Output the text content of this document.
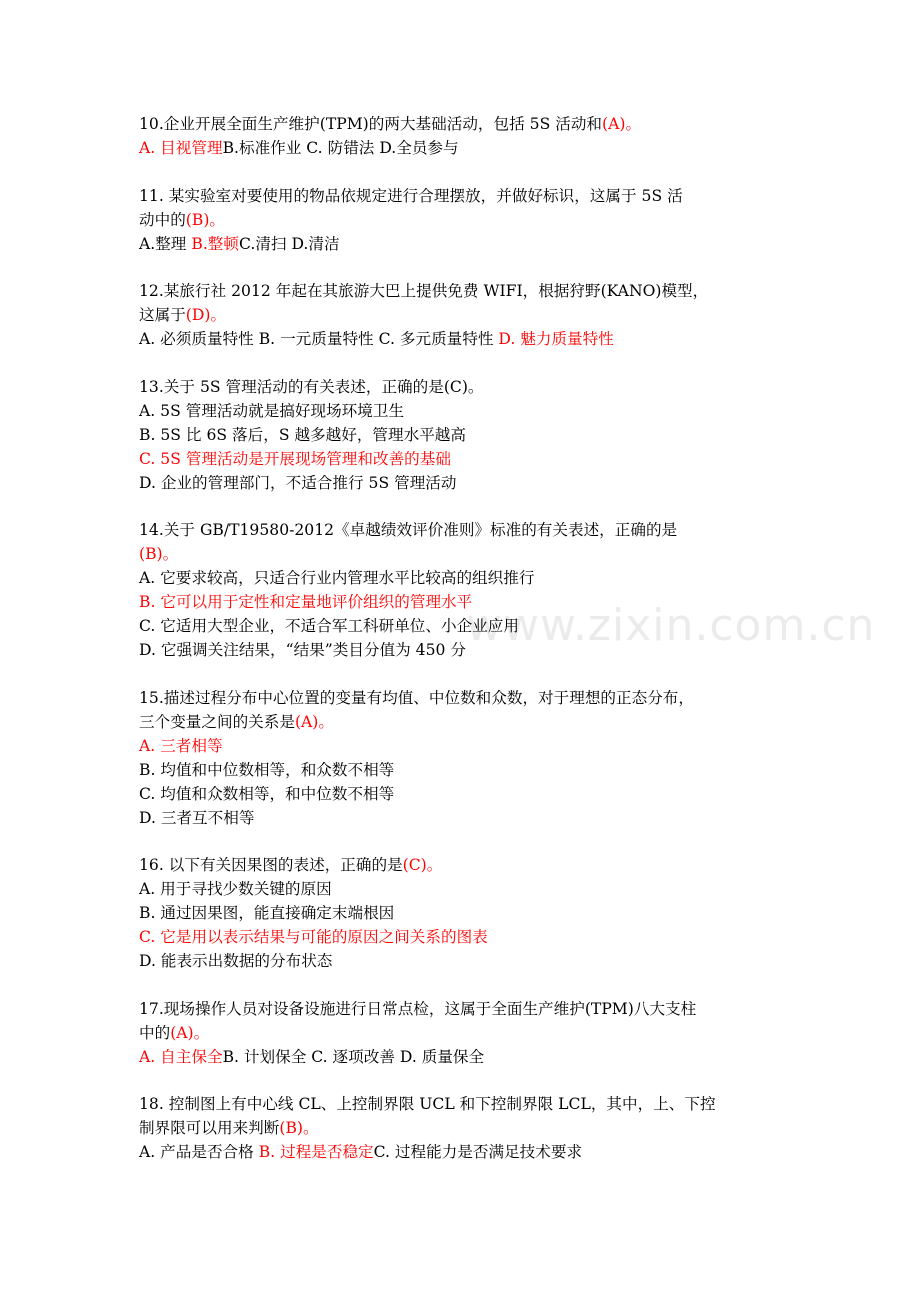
www.zixin.com.cn
10.企业开展全面生产维护(TPM)的两大基础活动，包括 5S 活动和(A)。
A. 目视管理B.标准作业 C. 防错法 D.全员参与
11. 某实验室对要使用的物品依规定进行合理摆放，并做好标识，这属于 5S 活
动中的(B)。
A.整理 B.整顿C.清扫 D.清洁
12.某旅行社 2012 年起在其旅游大巴上提供免费 WIFI，根据狩野(KANO)模型，
这属于(D)。
A. 必须质量特性 B. 一元质量特性 C. 多元质量特性 D. 魅力质量特性
13.关于 5S 管理活动的有关表述，正确的是(C)。
A. 5S 管理活动就是搞好现场环境卫生
B. 5S 比 6S 落后，S 越多越好，管理水平越高
C. 5S 管理活动是开展现场管理和改善的基础
D. 企业的管理部门，不适合推行 5S 管理活动
14.关于 GB/T19580-2012《卓越绩效评价准则》标准的有关表述，正确的是
(B)。
A. 它要求较高，只适合行业内管理水平比较高的组织推行
B. 它可以用于定性和定量地评价组织的管理水平
C. 它适用大型企业，不适合军工科研单位、小企业应用
D. 它强调关注结果，“结果”类目分值为 450 分
15.描述过程分布中心位置的变量有均值、中位数和众数，对于理想的正态分布，
三个变量之间的关系是(A)。
A. 三者相等
B. 均值和中位数相等，和众数不相等
C. 均值和众数相等，和中位数不相等
D. 三者互不相等
16. 以下有关因果图的表述，正确的是(C)。
A. 用于寻找少数关键的原因
B. 通过因果图，能直接确定末端根因
C. 它是用以表示结果与可能的原因之间关系的图表
D. 能表示出数据的分布状态
17.现场操作人员对设备设施进行日常点检，这属于全面生产维护(TPM)八大支柱
中的(A)。
A. 自主保全B. 计划保全 C. 逐项改善 D. 质量保全
18. 控制图上有中心线 CL、上控制界限 UCL 和下控制界限 LCL，其中，上、下控
制界限可以用来判断(B)。
A. 产品是否合格 B. 过程是否稳定C. 过程能力是否满足技术要求
